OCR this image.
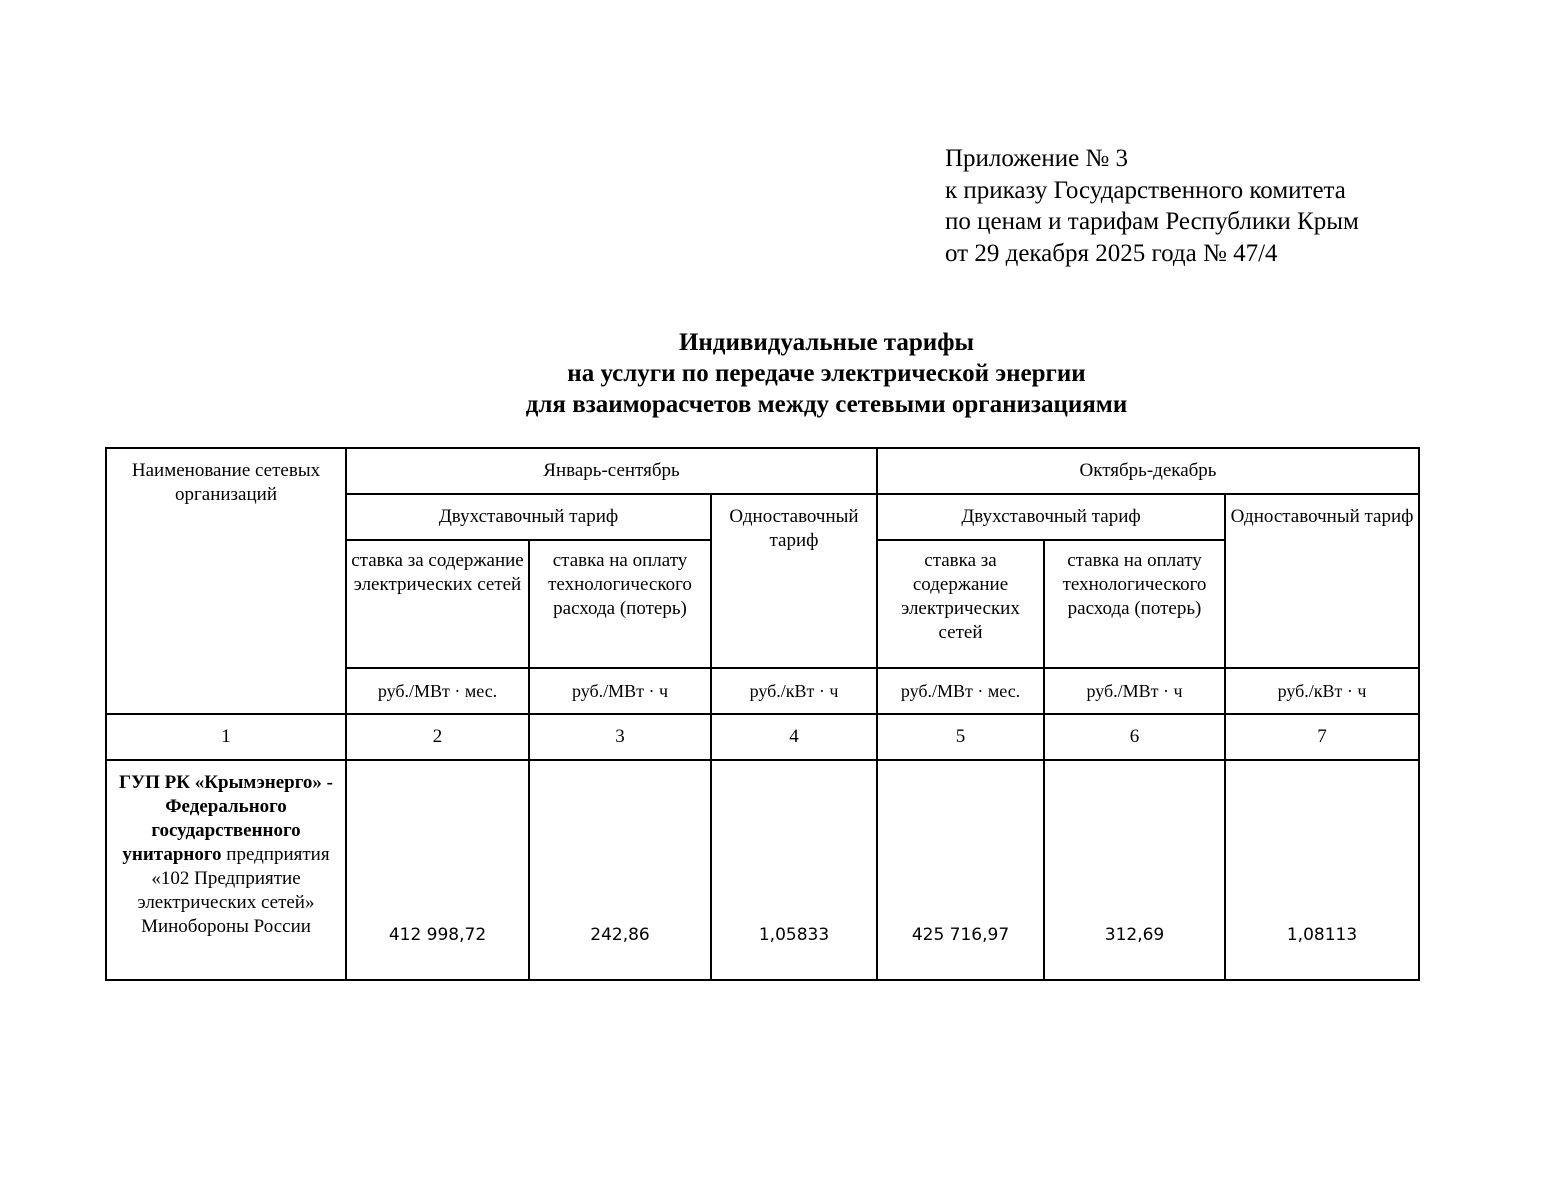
Приложение № 3
к приказу Государственного комитета
по ценам и тарифам Республики Крым
от 29 декабря 2025 года № 47/4
Индивидуальные тарифы
на услуги по передаче электрической энергии
для взаиморасчетов между сетевыми организациями
Наименование сетевых организаций	Январь-сентябрь			Октябрь-декабрь		
	Двухставочный тариф		Одноставочный тариф	Двухставочный тариф		Одноставочный тариф
	ставка за содержание электрических сетей	ставка на оплату технологического расхода (потерь)		ставка за содержание электрических сетей	ставка на оплату технологического расхода (потерь)	
	руб./МВт · мес.	руб./МВт · ч	руб./кВт · ч	руб./МВт · мес.	руб./МВт · ч	руб./кВт · ч
1	2	3	4	5	6	7
ГУП РК «Крымэнерго» - Федерального государственного унитарного предприятия «102 Предприятие электрических сетей» Минобороны России	412 998,72	242,86	1,05833	425 716,97	312,69	1,08113
